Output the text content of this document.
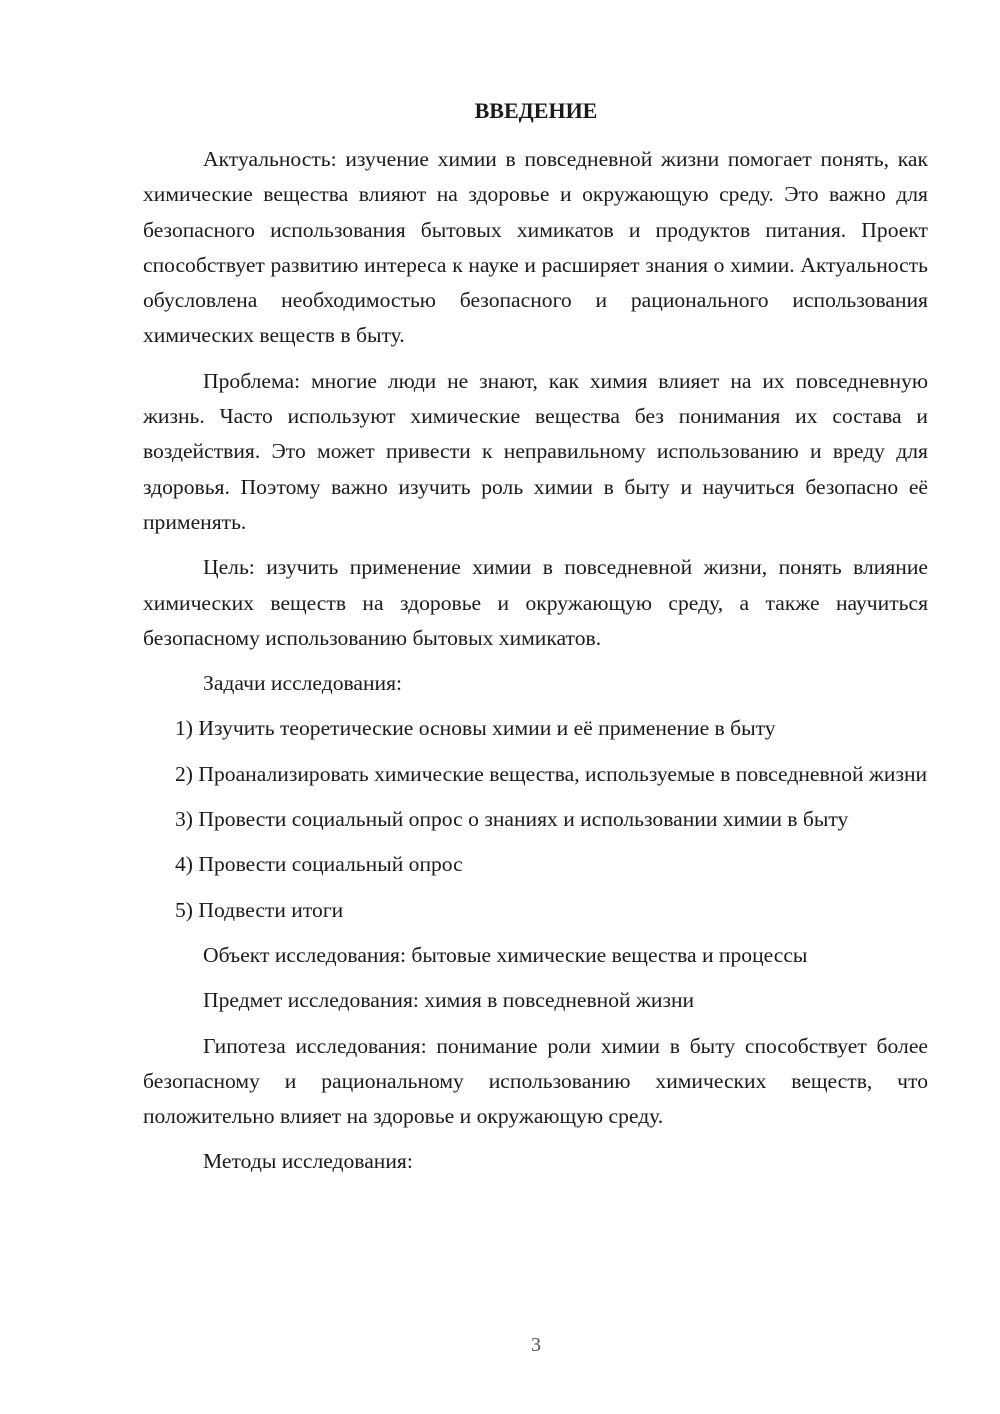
ВВЕДЕНИЕ

Актуальность: изучение химии в повседневной жизни помогает понять, как химические вещества влияют на здоровье и окружающую среду. Это важно для безопасного использования бытовых химикатов и продуктов питания. Проект способствует развитию интереса к науке и расширяет знания о химии. Актуальность обусловлена необходимостью безопасного и рационального использования химических веществ в быту.

Проблема: многие люди не знают, как химия влияет на их повседневную жизнь. Часто используют химические вещества без понимания их состава и воздействия. Это может привести к неправильному использованию и вреду для здоровья. Поэтому важно изучить роль химии в быту и научиться безопасно её применять.

Цель: изучить применение химии в повседневной жизни, понять влияние химических веществ на здоровье и окружающую среду, а также научиться безопасному использованию бытовых химикатов.

Задачи исследования:

1) Изучить теоретические основы химии и её применение в быту

2) Проанализировать химические вещества, используемые в повседневной жизни

3) Провести социальный опрос о знаниях и использовании химии в быту

4) Провести социальный опрос

5) Подвести итоги

Объект исследования: бытовые химические вещества и процессы

Предмет исследования: химия в повседневной жизни

Гипотеза исследования: понимание роли химии в быту способствует более безопасному и рациональному использованию химических веществ, что положительно влияет на здоровье и окружающую среду.

Методы исследования:

3
